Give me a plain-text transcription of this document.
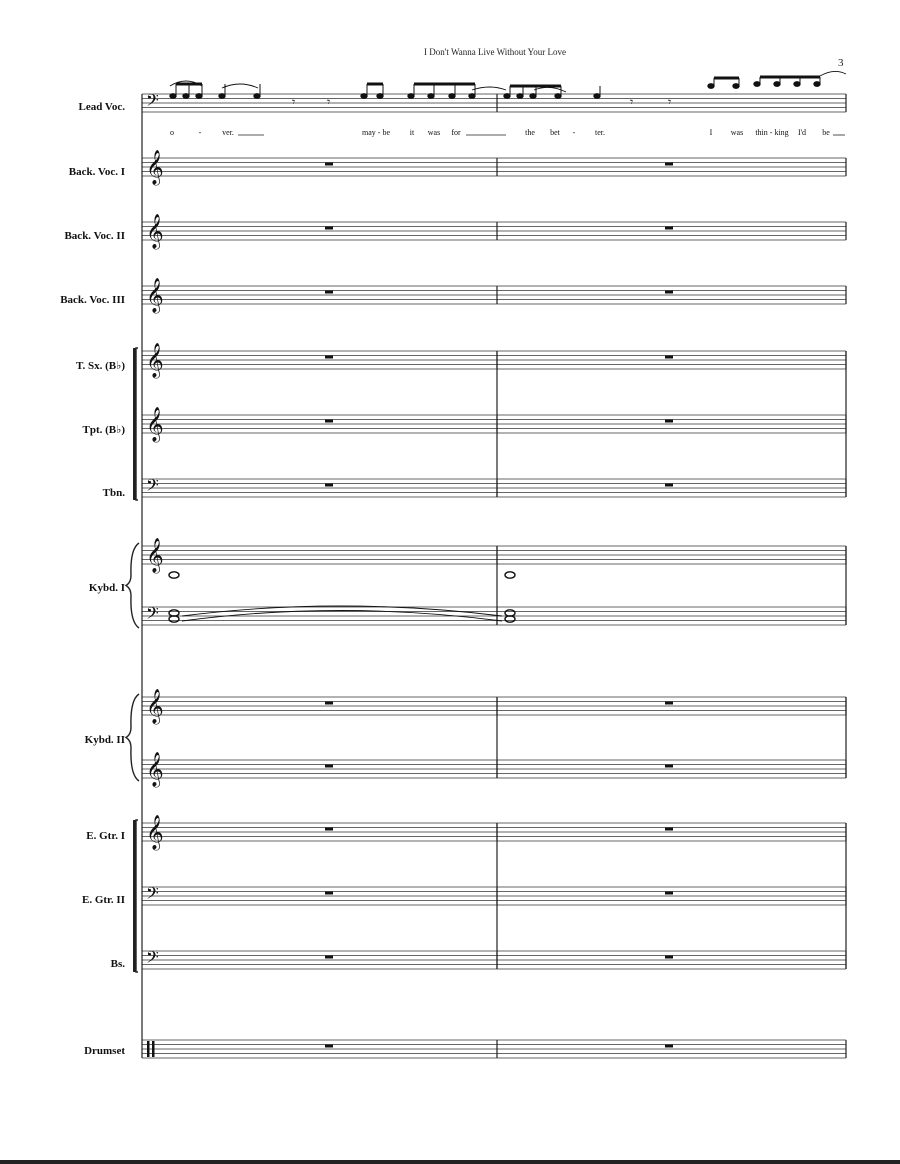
I Don't Wanna Live Without Your Love
3
Lead Voc.
Back. Voc. I
Back. Voc. II
Back. Voc. III
T. Sx. (B♭)
Tpt. (B♭)
Tbn.
Kybd. I
Kybd. II
E. Gtr. I
E. Gtr. II
Bs.
Drumset
o	-	ver.	may - be it was for	the bet - ter.	I was thin - king I'd be
𝄢
𝄞
𝄞
𝄞
𝄞
𝄞
𝄢
𝄞
𝄢
𝄞
𝄞
𝄞
𝄢
𝄢
𝄾	𝄾	𝄾	𝄾
